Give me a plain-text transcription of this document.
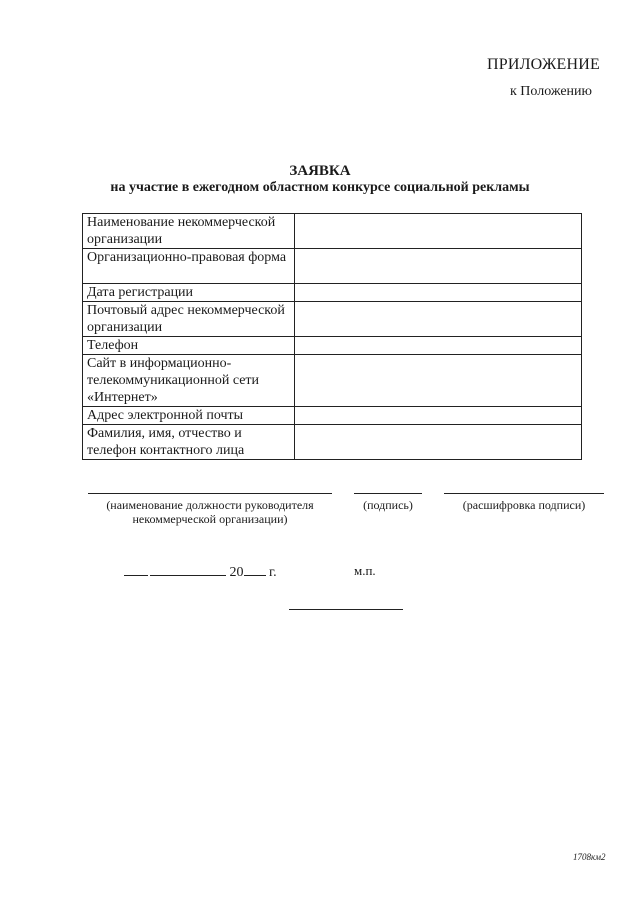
ПРИЛОЖЕНИЕ
к Положению
ЗАЯВКА
на участие в ежегодном областном конкурсе социальной рекламы
Наименование некоммерческой организации	
Организационно-правовая форма	
Дата регистрации	
Почтовый адрес некоммерческой организации	
Телефон	
Сайт в информационно-телекоммуникационной сети «Интернет»	
Адрес электронной почты	
Фамилия, имя, отчество и телефон контактного лица	
(наименование должности руководителя
некоммерческой организации)
(подпись)	(расшифровка подписи)
20 г.	м.п.
1708км2
